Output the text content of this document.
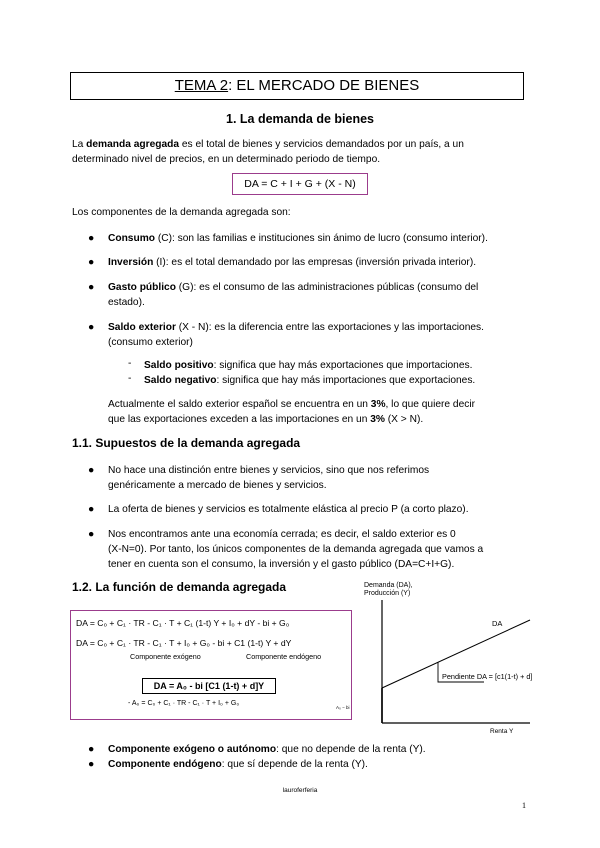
TEMA 2: EL MERCADO DE BIENES
1. La demanda de bienes
La demanda agregada es el total de bienes y servicios demandados por un país, a un
determinado nivel de precios, en un determinado periodo de tiempo.
DA = C + I + G + (X - N)
Los componentes de la demanda agregada son:
● Consumo (C): son las familias e instituciones sin ánimo de lucro (consumo interior).
● Inversión (I): es el total demandado por las empresas (inversión privada interior).
● Gasto público (G): es el consumo de las administraciones públicas (consumo del
estado).
● Saldo exterior (X - N): es la diferencia entre las exportaciones y las importaciones.
(consumo exterior)
- Saldo positivo: significa que hay más exportaciones que importaciones.
- Saldo negativo: significa que hay más importaciones que exportaciones.
Actualmente el saldo exterior español se encuentra en un 3%, lo que quiere decir
que las exportaciones exceden a las importaciones en un 3% (X > N).
1.1. Supuestos de la demanda agregada
● No hace una distinción entre bienes y servicios, sino que nos referimos
genéricamente a mercado de bienes y servicios.
● La oferta de bienes y servicios es totalmente elástica al precio P (a corto plazo).
● Nos encontramos ante una economía cerrada; es decir, el saldo exterior es 0
(X-N=0). Por tanto, los únicos componentes de la demanda agregada que vamos a
tener en cuenta son el consumo, la inversión y el gasto público (DA=C+I+G).
1.2. La función de demanda agregada
DA = C₀ + C₁ · TR - C₁ · T + C₁ (1-t) Y + I₀ + dY - bi + G₀
DA = C₀ + C₁ · TR - C₁ · T + I₀ + G₀ - bi + C1 (1-t) Y + dY
Componente exógeno	Componente endógeno
DA = A₀ - bi [C1 (1-t) + d]Y
- A₀ = C₀ + C₁ · TR - C₁ · T + I₀ + G₀
Demanda (DA),
Producción (Y)
DA
Pendiente DA = [c1(1-t) + d]
A₀ − bi
Renta Y
● Componente exógeno o autónomo: que no depende de la renta (Y).
● Componente endógeno: que sí depende de la renta (Y).
lauroferferia
1
